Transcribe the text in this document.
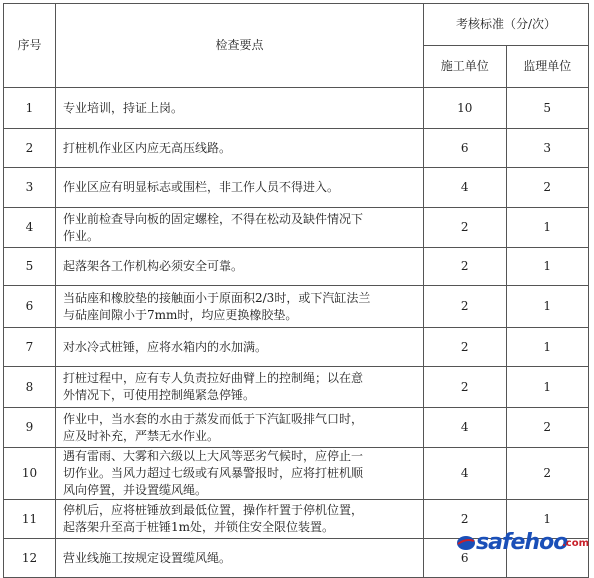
序号	检查要点	考核标准（分/次）	
		施工单位	监理单位
1	专业培训，持证上岗。	10	5
2	打桩机作业区内应无高压线路。	6	3
3	作业区应有明显标志或围栏，非工作人员不得进入。	4	2
4	作业前检查导向板的固定螺栓，不得在松动及缺件情况下
作业。	2	1
5	起落架各工作机构必须安全可靠。	2	1
6	当砧座和橡胶垫的接触面小于原面积2/3时，或下汽缸法兰
与砧座间隙小于7mm时，均应更换橡胶垫。	2	1
7	对水冷式桩锤，应将水箱内的水加满。	2	1
8	打桩过程中，应有专人负责拉好曲臂上的控制绳；以在意
外情况下，可使用控制绳紧急停锤。	2	1
9	作业中，当水套的水由于蒸发而低于下汽缸吸排气口时，
应及时补充，严禁无水作业。	4	2
10	遇有雷雨、大雾和六级以上大风等恶劣气候时，应停止一
切作业。当风力超过七级或有风暴警报时，应将打桩机顺
风向停置，并设置缆风绳。	4	2
11	停机后，应将桩锤放到最低位置，操作杆置于停机位置，
起落架升至高于桩锤1m处，并锁住安全限位装置。	2	1
12	营业线施工按规定设置缆风绳。	6	
safehoo
.com
